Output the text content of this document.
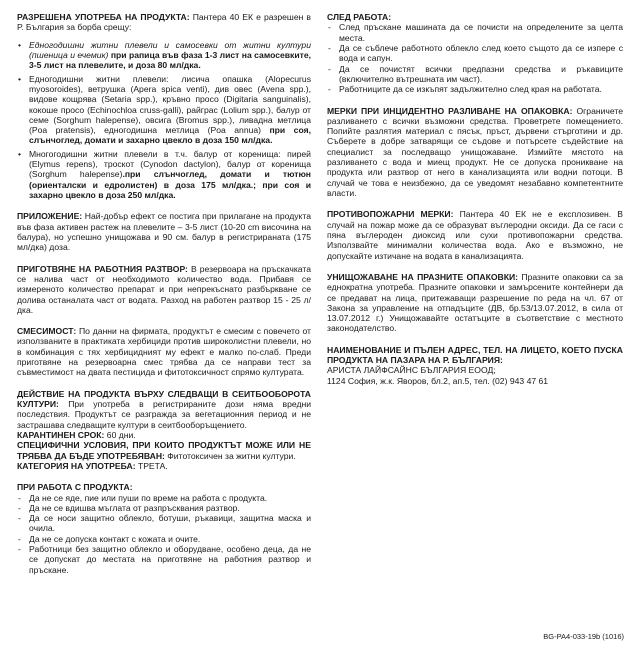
РАЗРЕШЕНА УПОТРЕБА НА ПРОДУКТА: Пантера 40 ЕК е разрешен в Р. България за борба срещу:

• Едногодишни житни плевели и самосевки от житни култури (пшеница и ечемик) при рапица във фаза 1-3 лист на самосевките, 3-5 лист на плевелите, и доза 80 мл/дка.
• Едногодишни житни плевели: лисича опашка (Alopecurus myosoroides), ветрушка (Apera spica venti), див овес (Avena spp.), видове кощрява (Setaria spp.), кръвно просо (Digitaria sanguinalis), кокоше просо (Echinochloa cruss-galli), райграс (Lolium spp.), балур от семе (Sorghum halepense), овсига (Bromus spp.), ливадна метлица (Poa pratensis), едногодишна метлица (Poa annua) при соя, слънчоглед, домати и захарно цвекло в доза 150 мл/дка.
• Многогодишни житни плевели в т.ч. балур от коренища: пирей (Elymus repens), троскот (Cynodon dactylon), балур от коренища (Sorghum halepense).при слънчоглед, домати и тютюн (ориенталски и едролистен) в доза 175 мл/дка.; при соя и захарно цвекло в доза 250 мл/дка.

ПРИЛОЖЕНИЕ: Най-добър ефект се постига при прилагане на продукта във фаза активен растеж на плевелите – 3-5 лист (10-20 cm височина на балура), но успешно унищожава и 90 см. балур в регистрираната (175 мл/дка) доза.

ПРИГОТВЯНЕ НА РАБОТНИЯ РАЗТВОР: В резервоара на пръскачката се налива част от необходимото количество вода. Прибавя се измереното количество препарат и при непрекъснато разбъркване се долива останалата част от водата. Разход на работен разтвор 15 - 25 л/дка.

СМЕСИМОСТ: По данни на фирмата, продуктът е смесим с повечето от използваните в практиката хербициди против широколистни плевели, но в комбинация с тях хербицидният му ефект е малко по-слаб. Преди приготвяне на резервоарна смес трябва да се направи тест за съвместимост на двата пестицида и фитотоксичност спрямо културата.

ДЕЙСТВИЕ НА ПРОДУКТА ВЪРХУ СЛЕДВАЩИ В СЕИТБООБОРОТА КУЛТУРИ: При употреба в регистрираните дози няма вредни последствия. Продуктът се разгражда за вегетационния период и не застрашава следващите култури в сеитбооборъщението.

КАРАНТИНЕН СРОК: 60 дни.

СПЕЦИФИЧНИ УСЛОВИЯ, ПРИ КОИТО ПРОДУКТЪТ МОЖЕ ИЛИ НЕ ТРЯБВА ДА БЪДЕ УПОТРЕБЯВАН: Фитотоксичен за житни култури.

КАТЕГОРИЯ НА УПОТРЕБА: ТРЕТА.

ПРИ РАБОТА С ПРОДУКТА:

- Да не се яде, пие или пуши по време на работа с продукта.
- Да не се вдишва мъглата от разпръсквания разтвор.
- Да се носи защитно облекло, ботуши, ръкавици, защитна маска и очила.
- Да не се допуска контакт с кожата и очите.
- Работници без защитно облекло и оборудване, особено деца, да не се допускат до местата на приготвяне на работния разтвор и пръскане.

СЛЕД РАБОТА:

- След пръскане машината да се почисти на определените за целта места.
- Да се съблече работното облекло след което същото да се изпере с вода и сапун.
- Да се почистят всички предпазни средства и ръкавиците (включително вътрешната им част).
- Работниците да се изкъпят задължително след края на работата.

МЕРКИ ПРИ ИНЦИДЕНТНО РАЗЛИВАНЕ НА ОПАКОВКА: Ограничете разливането с всички възможни средства. Проветрете помещението. Попийте разлятия материал с пясък, пръст, дървени стърготини и др. Съберете в добре затварящи се съдове и потърсете съдействие на специалист за последващо унищожаване. Измийте мястото на разливането с вода и миещ продукт. Не се допуска проникване на продукта или разтвор от него в канализацията или водни потоци. В случай че това е неизбежно, да се уведомят незабавно компетентните власти.

ПРОТИВОПОЖАРНИ МЕРКИ: Пантера 40 ЕК не е експлозивен. В случай на пожар може да се образуват въглеродни оксиди. Да се гаси с пяна въглероден диоксид или сухи противопожарни средства. Използвайте минимални количества вода. Ако е възможно, не допускайте изтичане на водата в канализацията.

УНИЩОЖАВАНЕ НА ПРАЗНИТЕ ОПАКОВКИ: Празните опаковки са за еднократна употреба. Празните опаковки и замърсените контейнери да се предават на лица, притежаващи разрешение по реда на чл. 67 от Закона за управление на отпадъците (ДВ, бр.53/13.07.2012, в сила от 13.07.2012 г.) Унищожавайте остатъците в съответствие с местното законодателство.

НАИМЕНОВАНИЕ И ПЪЛЕН АДРЕС, ТЕЛ. НА ЛИЦЕТО, КОЕТО ПУСКА ПРОДУКТА НА ПАЗАРА НА Р. БЪЛГАРИЯ:

АРИСТА ЛАЙФСАЙНС БЪЛГАРИЯ ЕООД;

1124 София, ж.к. Яворов, бл.2, ап.5, тел. (02) 943 47 61

BG-PA4-033-19b (1016)
